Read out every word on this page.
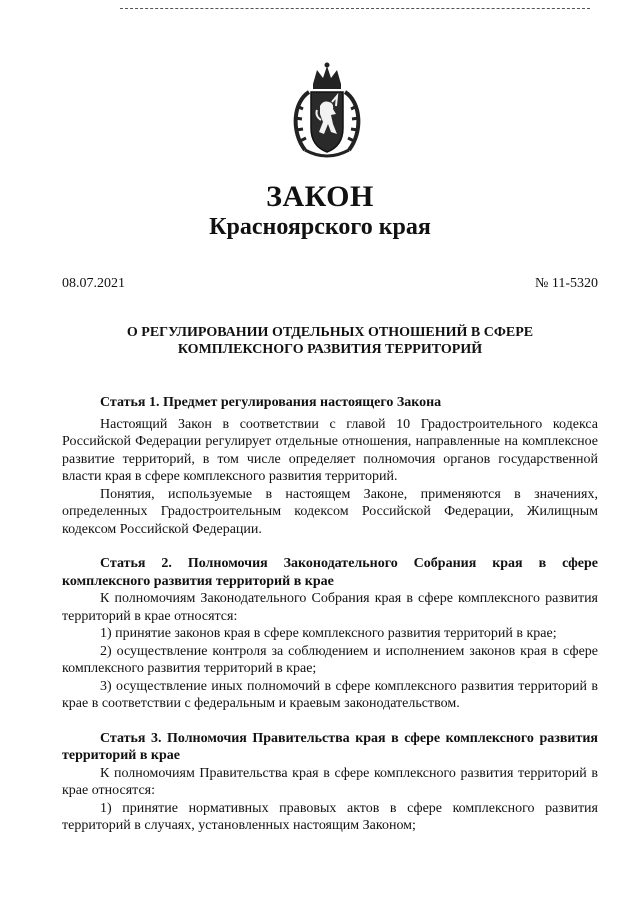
ЗАКОН
Красноярского края
08.07.2021	№ 11-5320
О РЕГУЛИРОВАНИИ ОТДЕЛЬНЫХ ОТНОШЕНИЙ В СФЕРЕ
КОМПЛЕКСНОГО РАЗВИТИЯ ТЕРРИТОРИЙ
Статья 1. Предмет регулирования настоящего Закона

Настоящий Закон в соответствии с главой 10 Градостроительного кодекса Российской Федерации регулирует отдельные отношения, направленные на комплексное развитие территорий, в том числе определяет полномочия органов государственной власти края в сфере комплексного развития территорий.

Понятия, используемые в настоящем Законе, применяются в значениях, определенных Градостроительным кодексом Российской Федерации, Жилищным кодексом Российской Федерации.

Статья 2. Полномочия Законодательного Собрания края в сфере комплексного развития территорий в крае

К полномочиям Законодательного Собрания края в сфере комплексного развития территорий в крае относятся:

1) принятие законов края в сфере комплексного развития территорий в крае;

2) осуществление контроля за соблюдением и исполнением законов края в сфере комплексного развития территорий в крае;

3) осуществление иных полномочий в сфере комплексного развития территорий в крае в соответствии с федеральным и краевым законодательством.

Статья 3. Полномочия Правительства края в сфере комплексного развития территорий в крае

К полномочиям Правительства края в сфере комплексного развития территорий в крае относятся:

1) принятие нормативных правовых актов в сфере комплексного развития территорий в случаях, установленных настоящим Законом;
